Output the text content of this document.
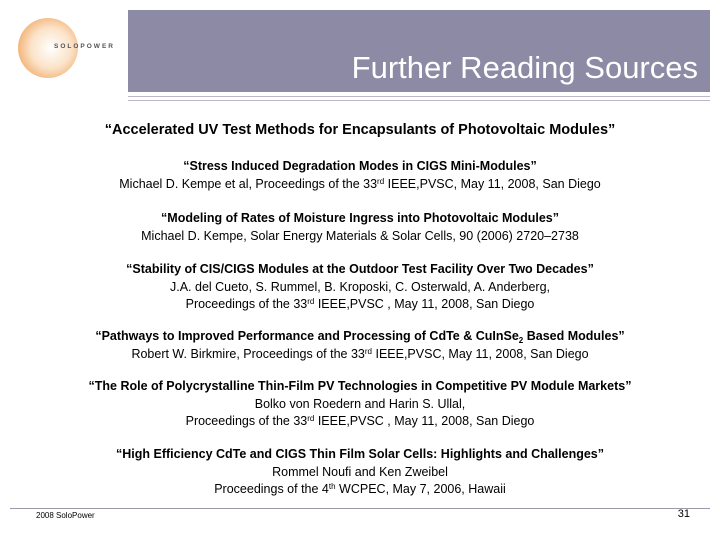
SOLOPOWER
Further Reading Sources
“Accelerated UV Test Methods for Encapsulants of Photovoltaic Modules”
“Stress Induced Degradation Modes in CIGS Mini-Modules”
Michael D. Kempe et al, Proceedings of the 33rd IEEE,PVSC, May 11, 2008, San Diego
“Modeling of Rates of Moisture Ingress into Photovoltaic Modules”
Michael D. Kempe, Solar Energy Materials & Solar Cells, 90 (2006) 2720–2738
“Stability of CIS/CIGS Modules at the Outdoor Test Facility Over Two Decades”
J.A. del Cueto, S. Rummel, B. Kroposki, C. Osterwald, A. Anderberg,
Proceedings of the 33rd IEEE,PVSC , May 11, 2008, San Diego
“Pathways to Improved Performance and Processing of CdTe & CuInSe$_2$ Based Modules”
Robert W. Birkmire, Proceedings of the 33rd IEEE,PVSC, May 11, 2008, San Diego
“The Role of Polycrystalline Thin-Film PV Technologies in Competitive PV Module Markets”
Bolko von Roedern and Harin S. Ullal,
Proceedings of the 33rd IEEE,PVSC , May 11, 2008, San Diego
“High Efficiency CdTe and CIGS Thin Film Solar Cells: Highlights and Challenges”
Rommel Noufi and Ken Zweibel
Proceedings of the 4th WCPEC, May 7, 2006, Hawaii
2008 SoloPower	31
